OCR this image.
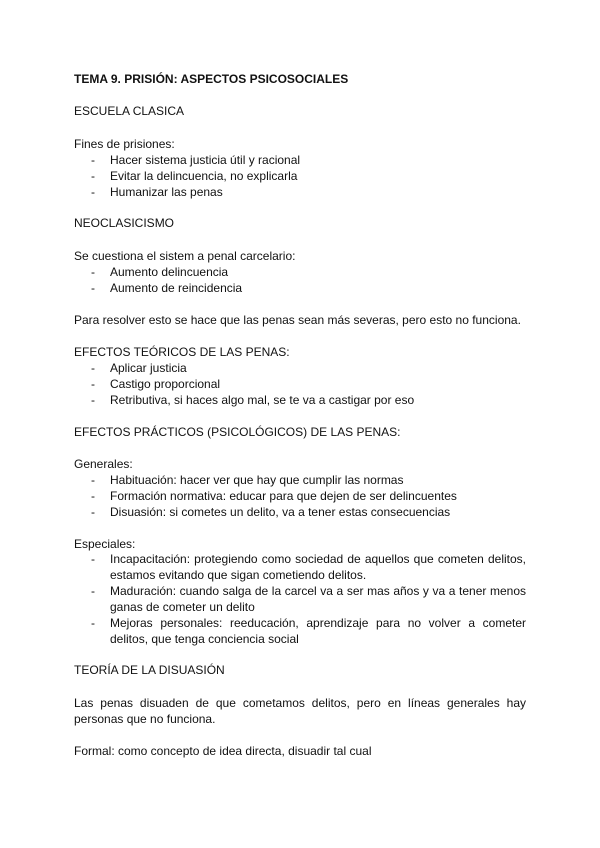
TEMA 9. PRISIÓN: ASPECTOS PSICOSOCIALES
ESCUELA CLASICA
Fines de prisiones:
- Hacer sistema justicia útil y racional
- Evitar la delincuencia, no explicarla
- Humanizar las penas
NEOCLASICISMO
Se cuestiona el sistem a penal carcelario:
- Aumento delincuencia
- Aumento de reincidencia
Para resolver esto se hace que las penas sean más severas, pero esto no funciona.
EFECTOS TEÓRICOS DE LAS PENAS:
- Aplicar justicia
- Castigo proporcional
- Retributiva, si haces algo mal, se te va a castigar por eso
EFECTOS PRÁCTICOS (PSICOLÓGICOS) DE LAS PENAS:
Generales:
- Habituación: hacer ver que hay que cumplir las normas
- Formación normativa: educar para que dejen de ser delincuentes
- Disuasión: si cometes un delito, va a tener estas consecuencias
Especiales:
- Incapacitación: protegiendo como sociedad de aquellos que cometen delitos,
estamos evitando que sigan cometiendo delitos.
- Maduración: cuando salga de la carcel va a ser mas años y va a tener menos
ganas de cometer un delito
- Mejoras personales: reeducación, aprendizaje para no volver a cometer
delitos, que tenga conciencia social
TEORÍA DE LA DISUASIÓN
Las penas disuaden de que cometamos delitos, pero en líneas generales hay
personas que no funciona.
Formal: como concepto de idea directa, disuadir tal cual
